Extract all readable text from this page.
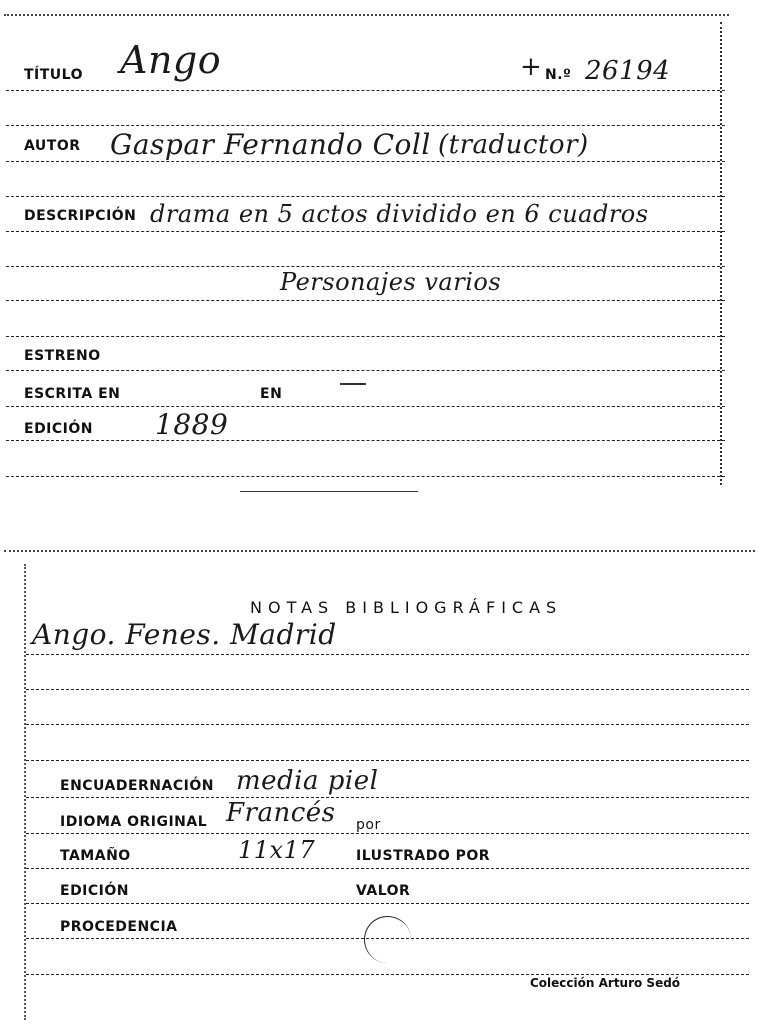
TÍTULO Ango	+ N.º 26194
AUTOR Gaspar Fernando Coll (traductor)
DESCRIPCIÓN drama en 5 actos dividido en 6 cuadros
Personajes varios
ESTRENO
ESCRITA EN	EN
EDICIÓN 1889
NOTAS BIBLIOGRÁFICAS
Ango. Fenes. Madrid
ENCUADERNACIÓN media piel
IDIOMA ORIGINAL Francés por
TAMAÑO	11x17	ILUSTRADO POR
EDICIÓN	VALOR
PROCEDENCIA
Colección Arturo Sedó
